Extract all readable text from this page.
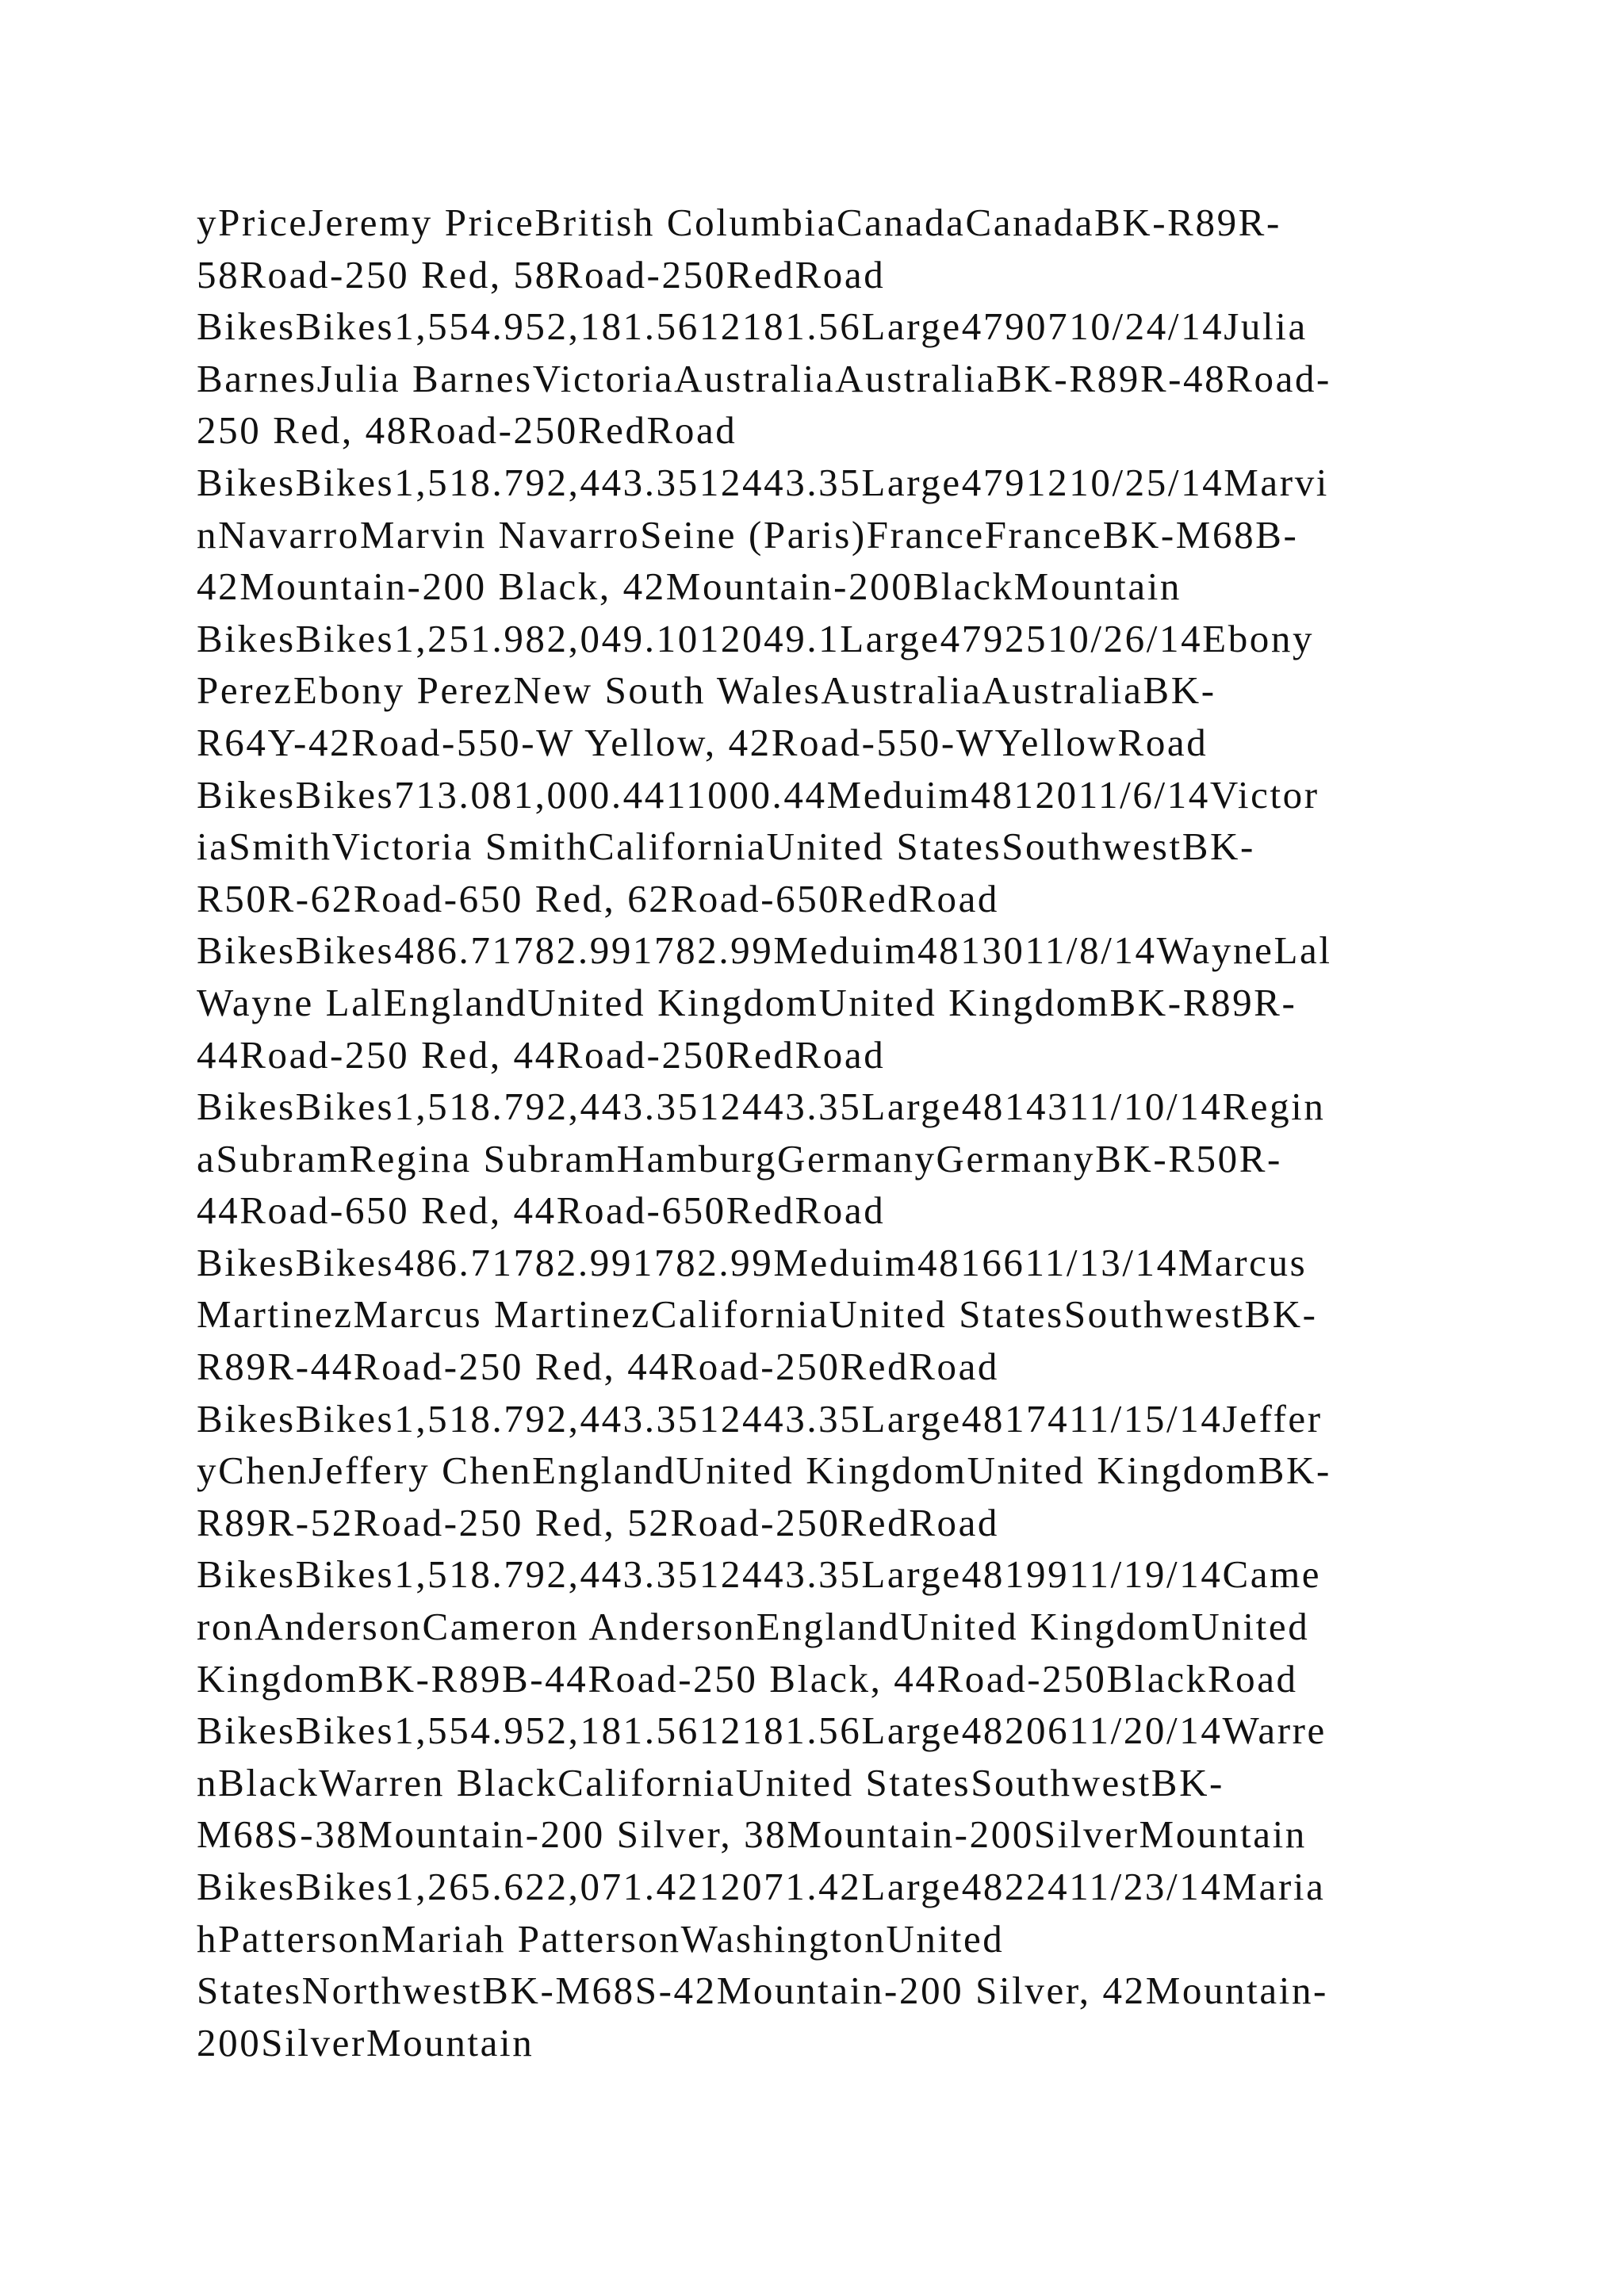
yPriceJeremy PriceBritish ColumbiaCanadaCanadaBK-R89R-
58Road-250 Red, 58Road-250RedRoad
BikesBikes1,554.952,181.5612181.56Large4790710/24/14Julia
BarnesJulia BarnesVictoriaAustraliaAustraliaBK-R89R-48Road-
250 Red, 48Road-250RedRoad
BikesBikes1,518.792,443.3512443.35Large4791210/25/14Marvi
nNavarroMarvin NavarroSeine (Paris)FranceFranceBK-M68B-
42Mountain-200 Black, 42Mountain-200BlackMountain
BikesBikes1,251.982,049.1012049.1Large4792510/26/14Ebony
PerezEbony PerezNew South WalesAustraliaAustraliaBK-
R64Y-42Road-550-W Yellow, 42Road-550-WYellowRoad
BikesBikes713.081,000.4411000.44Meduim4812011/6/14Victor
iaSmithVictoria SmithCaliforniaUnited StatesSouthwestBK-
R50R-62Road-650 Red, 62Road-650RedRoad
BikesBikes486.71782.991782.99Meduim4813011/8/14WayneLal
Wayne LalEnglandUnited KingdomUnited KingdomBK-R89R-
44Road-250 Red, 44Road-250RedRoad
BikesBikes1,518.792,443.3512443.35Large4814311/10/14Regin
aSubramRegina SubramHamburgGermanyGermanyBK-R50R-
44Road-650 Red, 44Road-650RedRoad
BikesBikes486.71782.991782.99Meduim4816611/13/14Marcus
MartinezMarcus MartinezCaliforniaUnited StatesSouthwestBK-
R89R-44Road-250 Red, 44Road-250RedRoad
BikesBikes1,518.792,443.3512443.35Large4817411/15/14Jeffer
yChenJeffery ChenEnglandUnited KingdomUnited KingdomBK-
R89R-52Road-250 Red, 52Road-250RedRoad
BikesBikes1,518.792,443.3512443.35Large4819911/19/14Came
ronAndersonCameron AndersonEnglandUnited KingdomUnited
KingdomBK-R89B-44Road-250 Black, 44Road-250BlackRoad
BikesBikes1,554.952,181.5612181.56Large4820611/20/14Warre
nBlackWarren BlackCaliforniaUnited StatesSouthwestBK-
M68S-38Mountain-200 Silver, 38Mountain-200SilverMountain
BikesBikes1,265.622,071.4212071.42Large4822411/23/14Maria
hPattersonMariah PattersonWashingtonUnited
StatesNorthwestBK-M68S-42Mountain-200 Silver, 42Mountain-
200SilverMountain
